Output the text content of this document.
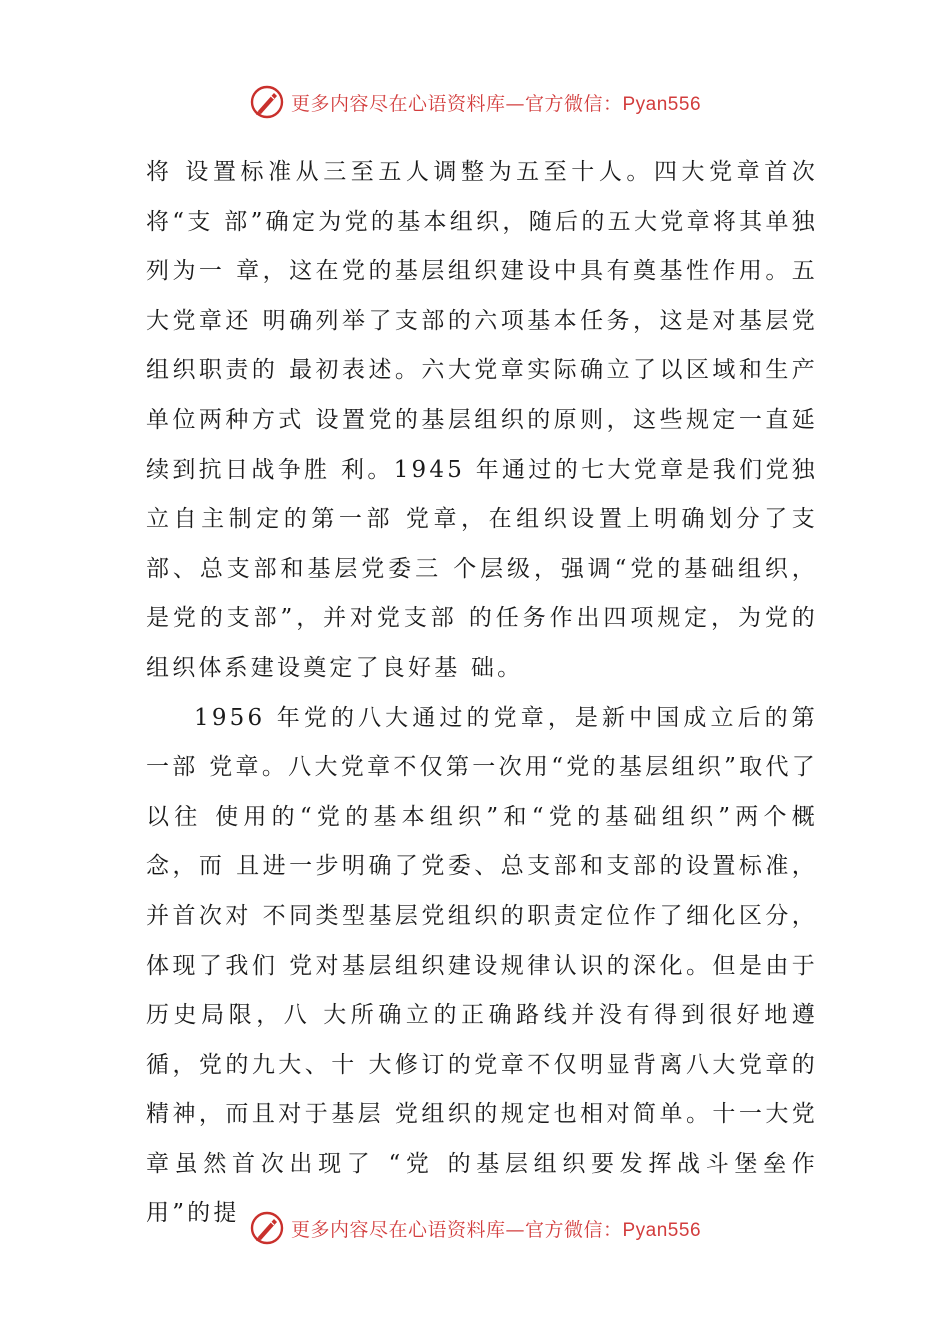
更多内容尽在心语资料库—官方微信：Pyan556

将 设置标准从三至五人调整为五至十人。四大党章首次将“支 部”确定为党的基本组织，随后的五大党章将其单独列为一 章，这在党的基层组织建设中具有奠基性作用。五大党章还 明确列举了支部的六项基本任务，这是对基层党组织职责的 最初表述。六大党章实际确立了以区域和生产单位两种方式 设置党的基层组织的原则，这些规定一直延续到抗日战争胜 利。1945 年通过的七大党章是我们党独立自主制定的第一部 党章，在组织设置上明确划分了支部、总支部和基层党委三 个层级，强调“党的基础组织，是党的支部”，并对党支部 的任务作出四项规定，为党的组织体系建设奠定了良好基 础。

1956 年党的八大通过的党章，是新中国成立后的第一部 党章。八大党章不仅第一次用“党的基层组织”取代了以往 使用的“党的基本组织”和“党的基础组织”两个概念，而 且进一步明确了党委、总支部和支部的设置标准，并首次对 不同类型基层党组织的职责定位作了细化区分，体现了我们 党对基层组织建设规律认识的深化。但是由于历史局限，八 大所确立的正确路线并没有得到很好地遵循，党的九大、十 大修订的党章不仅明显背离八大党章的精神，而且对于基层 党组织的规定也相对简单。十一大党章虽然首次出现了 “党 的基层组织要发挥战斗堡垒作用”的提

更多内容尽在心语资料库—官方微信：Pyan556
